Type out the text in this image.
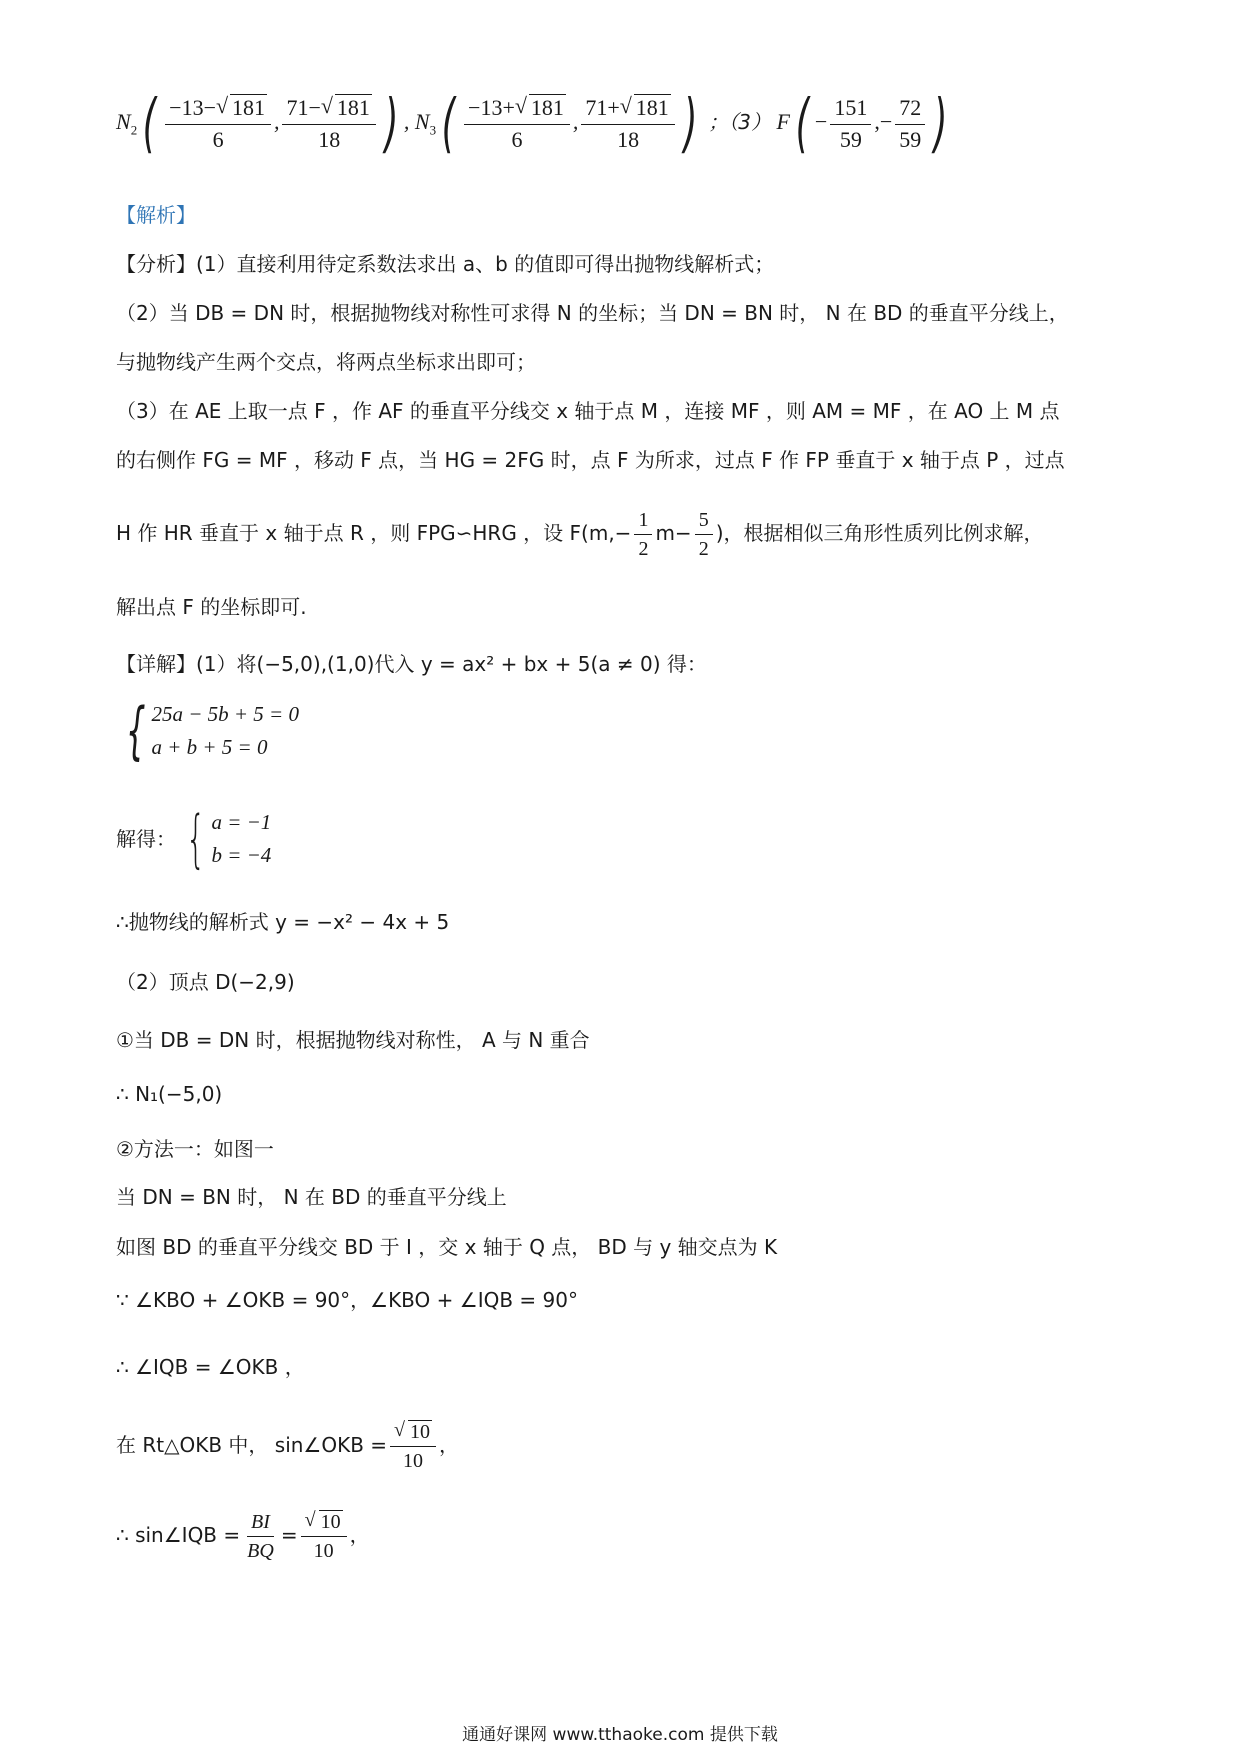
$N_2( \frac{-13- √ 181}{6}$ , $\frac{71- √ 181}{18}$ ) , $N_3( \frac{-13+ √ 181}{6}$ , $\frac{71+ √ 181}{18}$ ) ；（3） $F( - \frac{151}{59}$ ,− $\frac{72}{59}$ )
【解析】
【分析】(1）直接利用待定系数法求出 a、b 的值即可得出抛物线解析式；
（2）当 DB = DN 时，根据抛物线对称性可求得 N 的坐标；当 DN = BN 时， N 在 BD 的垂直平分线上，
与抛物线产生两个交点，将两点坐标求出即可；
（3）在 AE 上取一点 F ，作 AF 的垂直平分线交 x 轴于点 M ，连接 MF ，则 AM = MF ，在 AO 上 M 点
的右侧作 FG = MF ，移动 F 点，当 HG = 2FG 时，点 F 为所求，过点 F 作 FP 垂直于 x 轴于点 P ，过点
H 作 HR 垂直于 x 轴于点 R ，则 FPG∽HRG ，设 $F(m,- \frac{1}{2} m- \frac{5}{2}$ )，根据相似三角形性质列比例求解，
解出点 F 的坐标即可.
【详解】(1）将(−5,0),(1,0)代入 y = ax² + bx + 5(a ≠ 0) 得：
{ 25a − 5b + 5 = 0
a + b + 5 = 0
解得： { a = −1
b = −4
∴抛物线的解析式 y = −x² − 4x + 5
（2）顶点 D(−2,9)
①当 DB = DN 时，根据抛物线对称性， A 与 N 重合
∴ N₁(−5,0)
②方法一：如图一
当 DN = BN 时， N 在 BD 的垂直平分线上
如图 BD 的垂直平分线交 BD 于 I ，交 x 轴于 Q 点， BD 与 y 轴交点为 K
∵ ∠KBO + ∠OKB = 90°，∠KBO + ∠IQB = 90°
∴ ∠IQB = ∠OKB ，
在 Rt△OKB 中， sin∠OKB = √ $\frac{10}{10}$ ，
∴ sin∠IQB = $\frac{BI}{BQ}$ = √ $\frac{10}{10}$ ，
通通好课网 www.tthaoke.com 提供下载
